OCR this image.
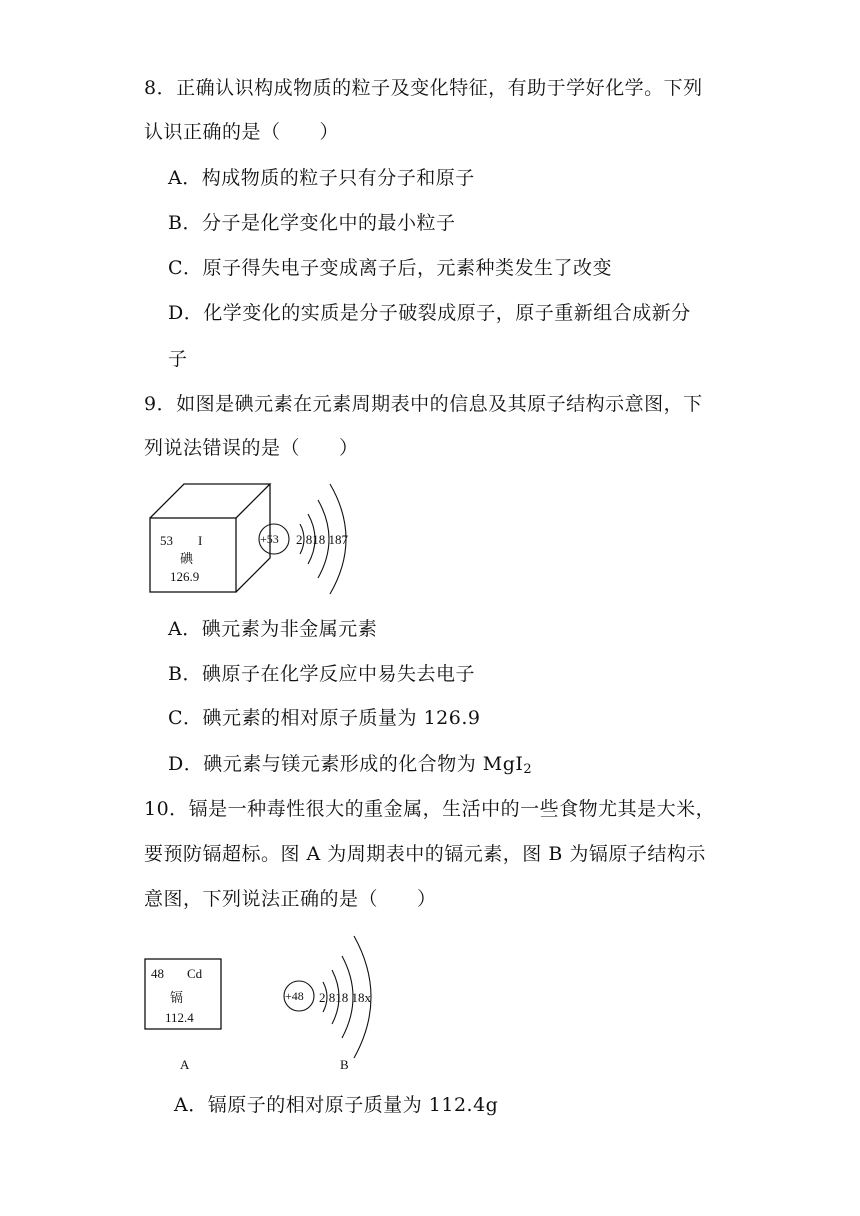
8．正确认识构成物质的粒子及变化特征，有助于学好化学。下列
认识正确的是（　　）
A．构成物质的粒子只有分子和原子
B．分子是化学变化中的最小粒子
C．原子得失电子变成离子后，元素种类发生了改变
D．化学变化的实质是分子破裂成原子，原子重新组合成新分
子
9．如图是碘元素在元素周期表中的信息及其原子结构示意图，下
列说法错误的是（　　）
53 I
碘
126.9
+53 2 818 187
A．碘元素为非金属元素
B．碘原子在化学反应中易失去电子
C．碘元素的相对原子质量为 126.9
D．碘元素与镁元素形成的化合物为 MgI$_2$
10．镉是一种毒性很大的重金属，生活中的一些食物尤其是大米，
要预防镉超标。图 A 为周期表中的镉元素，图 B 为镉原子结构示
意图，下列说法正确的是（　　）
48 Cd
镉
112.4
A
+48 2 818 18x
B
A．镉原子的相对原子质量为 112.4g
